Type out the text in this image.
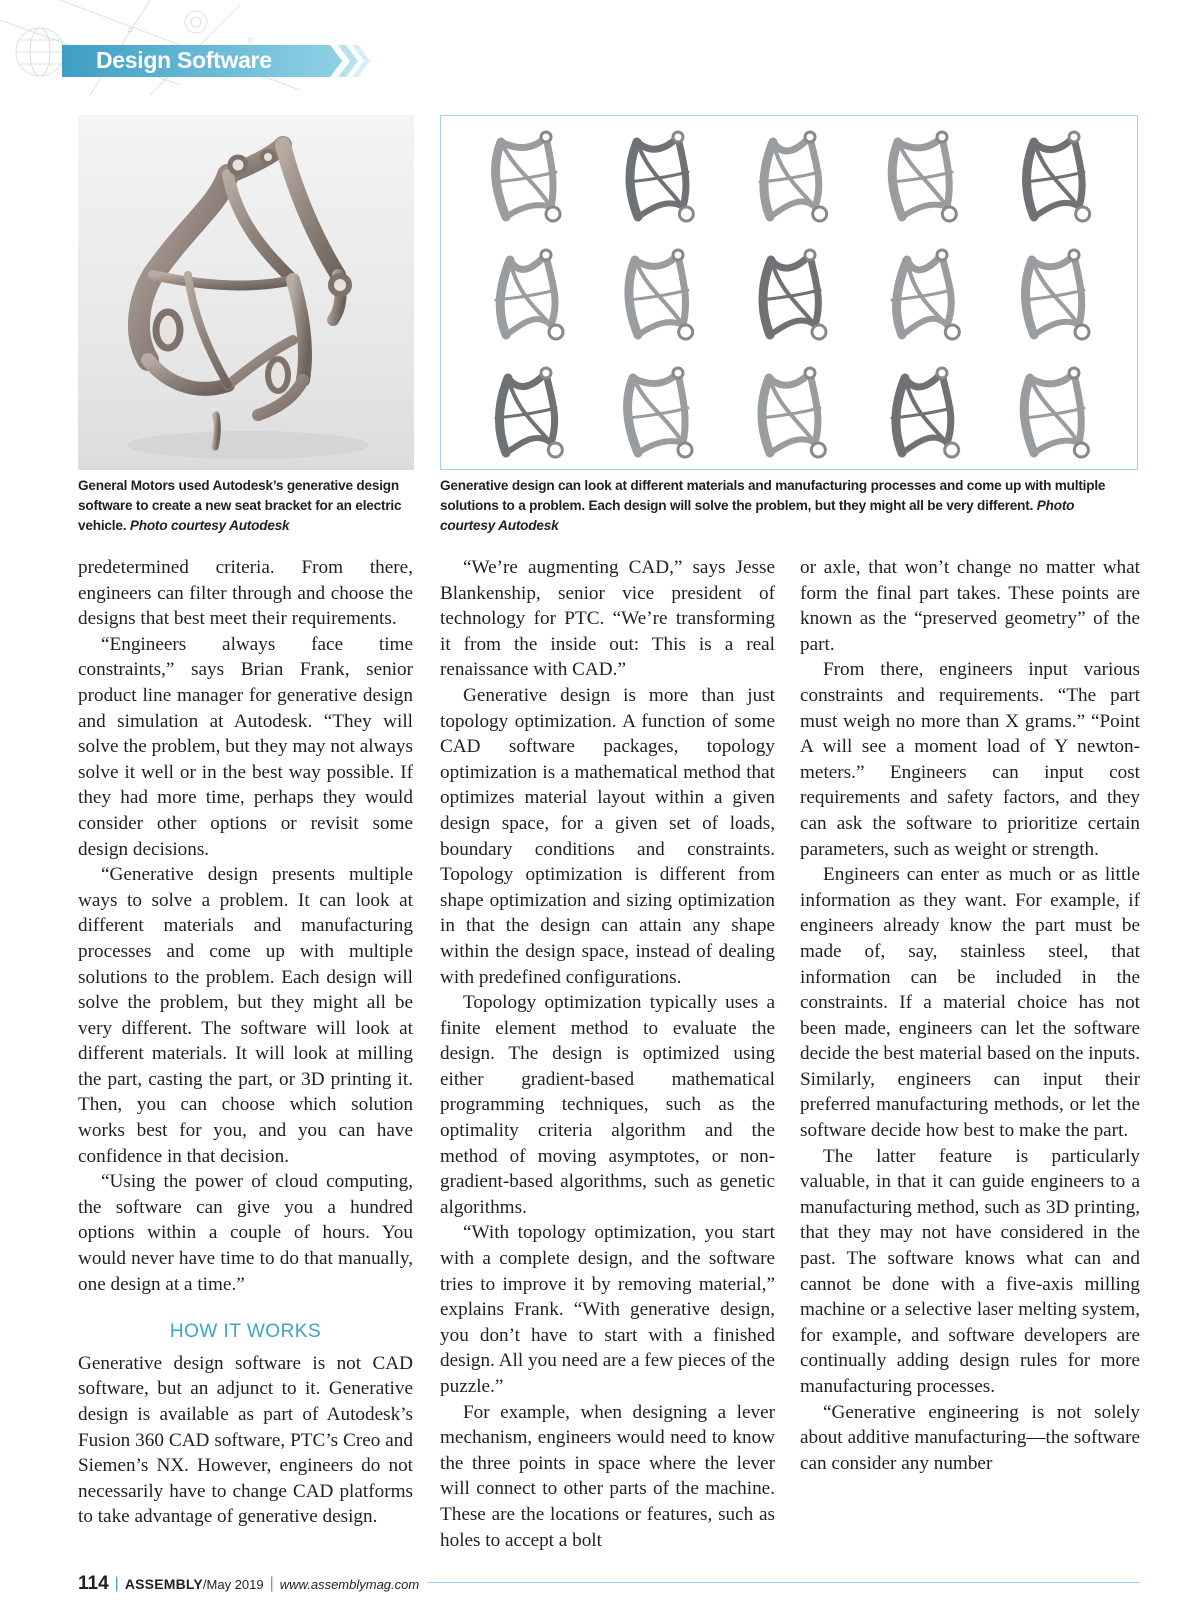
Design Software
General Motors used Autodesk’s generative design software to create a new seat bracket for an electric vehicle. Photo courtesy Autodesk
Generative design can look at different materials and manufacturing processes and come up with multiple solutions to a problem. Each design will solve the problem, but they might all be very different. Photo courtesy Autodesk

predetermined criteria. From there, engineers can filter through and choose the designs that best meet their requirements.

“Engineers always face time constraints,” says Brian Frank, senior product line manager for generative design and simulation at Autodesk. “They will solve the problem, but they may not always solve it well or in the best way possible. If they had more time, perhaps they would consider other options or revisit some design decisions.

“Generative design presents multiple ways to solve a problem. It can look at different materials and manufacturing processes and come up with multiple solutions to the problem. Each design will solve the problem, but they might all be very different. The software will look at different materials. It will look at milling the part, casting the part, or 3D printing it. Then, you can choose which solution works best for you, and you can have confidence in that decision.

“Using the power of cloud computing, the software can give you a hundred options within a couple of hours. You would never have time to do that manually, one design at a time.”

HOW IT WORKS

Generative design software is not CAD software, but an adjunct to it. Generative design is available as part of Autodesk’s Fusion 360 CAD software, PTC’s Creo and Siemen’s NX. However, engineers do not necessarily have to change CAD platforms to take advantage of generative design.

“We’re augmenting CAD,” says Jesse Blankenship, senior vice president of technology for PTC. “We’re transforming it from the inside out: This is a real renaissance with CAD.”

Generative design is more than just topology optimization. A function of some CAD software packages, topology optimization is a mathematical method that optimizes material layout within a given design space, for a given set of loads, boundary conditions and constraints. Topology optimization is different from shape optimization and sizing optimization in that the design can attain any shape within the design space, instead of dealing with predefined configurations.

Topology optimization typically uses a finite element method to evaluate the design. The design is optimized using either gradient-based mathematical programming techniques, such as the optimality criteria algorithm and the method of moving asymptotes, or non-gradient-based algorithms, such as genetic algorithms.

“With topology optimization, you start with a complete design, and the software tries to improve it by removing material,” explains Frank. “With generative design, you don’t have to start with a finished design. All you need are a few pieces of the puzzle.”

For example, when designing a lever mechanism, engineers would need to know the three points in space where the lever will connect to other parts of the machine. These are the locations or features, such as holes to accept a bolt

or axle, that won’t change no matter what form the final part takes. These points are known as the “preserved geometry” of the part.

From there, engineers input various constraints and requirements. “The part must weigh no more than X grams.” “Point A will see a moment load of Y newton-meters.” Engineers can input cost requirements and safety factors, and they can ask the software to prioritize certain parameters, such as weight or strength.

Engineers can enter as much or as little information as they want. For example, if engineers already know the part must be made of, say, stainless steel, that information can be included in the constraints. If a material choice has not been made, engineers can let the software decide the best material based on the inputs. Similarly, engineers can input their preferred manufacturing methods, or let the software decide how best to make the part.

The latter feature is particularly valuable, in that it can guide engineers to a manufacturing method, such as 3D printing, that they may not have considered in the past. The software knows what can and cannot be done with a five-axis milling machine or a selective laser melting system, for example, and software developers are continually adding design rules for more manufacturing processes.

“Generative engineering is not solely about additive manufacturing—the software can consider any number

114 | ASSEMBLY/May 2019 | www.assemblymag.com
